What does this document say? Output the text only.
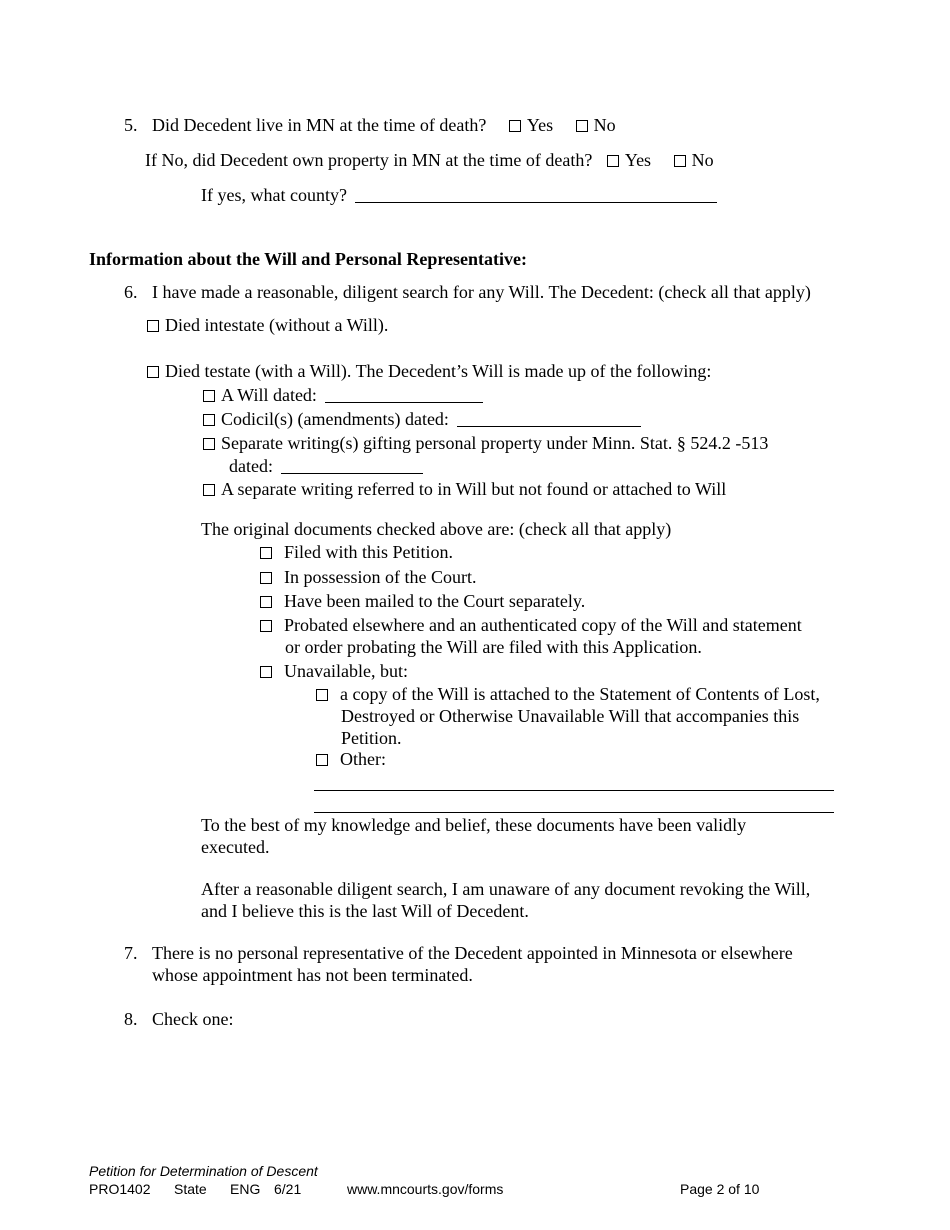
5. Did Decedent live in MN at the time of death? Yes No
If No, did Decedent own property in MN at the time of death? Yes No
If yes, what county?
Information about the Will and Personal Representative:
6. I have made a reasonable, diligent search for any Will. The Decedent: (check all that apply)
Died intestate (without a Will).
Died testate (with a Will). The Decedent’s Will is made up of the following:
A Will dated:
Codicil(s) (amendments) dated:
Separate writing(s) gifting personal property under Minn. Stat. § 524.2 -513
dated:
A separate writing referred to in Will but not found or attached to Will
The original documents checked above are: (check all that apply)
Filed with this Petition.
In possession of the Court.
Have been mailed to the Court separately.
Probated elsewhere and an authenticated copy of the Will and statement
or order probating the Will are filed with this Application.
Unavailable, but:
a copy of the Will is attached to the Statement of Contents of Lost,
Destroyed or Otherwise Unavailable Will that accompanies this
Petition.
Other:
To the best of my knowledge and belief, these documents have been validly
executed.
After a reasonable diligent search, I am unaware of any document revoking the Will,
and I believe this is the last Will of Decedent.
7. There is no personal representative of the Decedent appointed in Minnesota or elsewhere
whose appointment has not been terminated.
8. Check one:
Petition for Determination of Descent
PRO1402 State ENG 6/21	www.mncourts.gov/forms	Page 2 of 10
